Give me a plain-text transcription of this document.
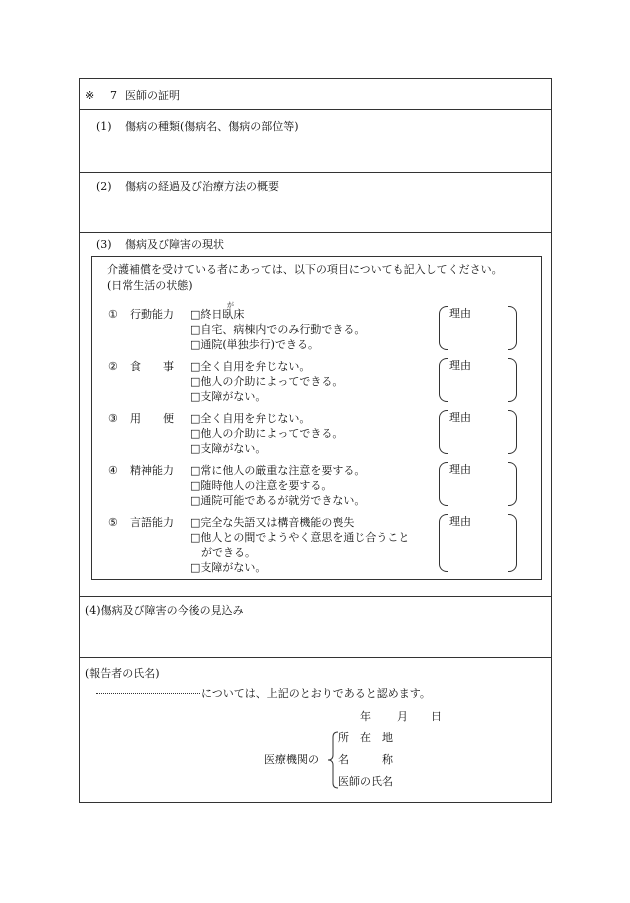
※ 7 医師の証明
(1) 傷病の種類(傷病名、傷病の部位等)
(2) 傷病の経過及び治療方法の概要
(3) 傷病及び障害の現状
介護補償を受けている者にあっては、以下の項目についても記入してください。
(日常生活の状態)
が
① 行動能力 □終日臥床
□自宅、病棟内でのみ行動できる。
□通院(単独歩行)できる。
理由
② 食　　事 □全く自用を弁じない。
□他人の介助によってできる。
□支障がない。
理由
③ 用　　便 □全く自用を弁じない。
□他人の介助によってできる。
□支障がない。
理由
④ 精神能力 □常に他人の厳重な注意を要する。
□随時他人の注意を要する。
□通院可能であるが就労できない。
理由
⑤ 言語能力 □完全な失語又は構音機能の喪失
□他人との間でようやく意思を通じ合うこと
　ができる。
□支障がない。
理由
(4)傷病及び障害の今後の見込み
(報告者の氏名)
については、上記のとおりであると認めます。
年 月 日
医療機関の
所　在　地
名　　　称
医師の氏名
